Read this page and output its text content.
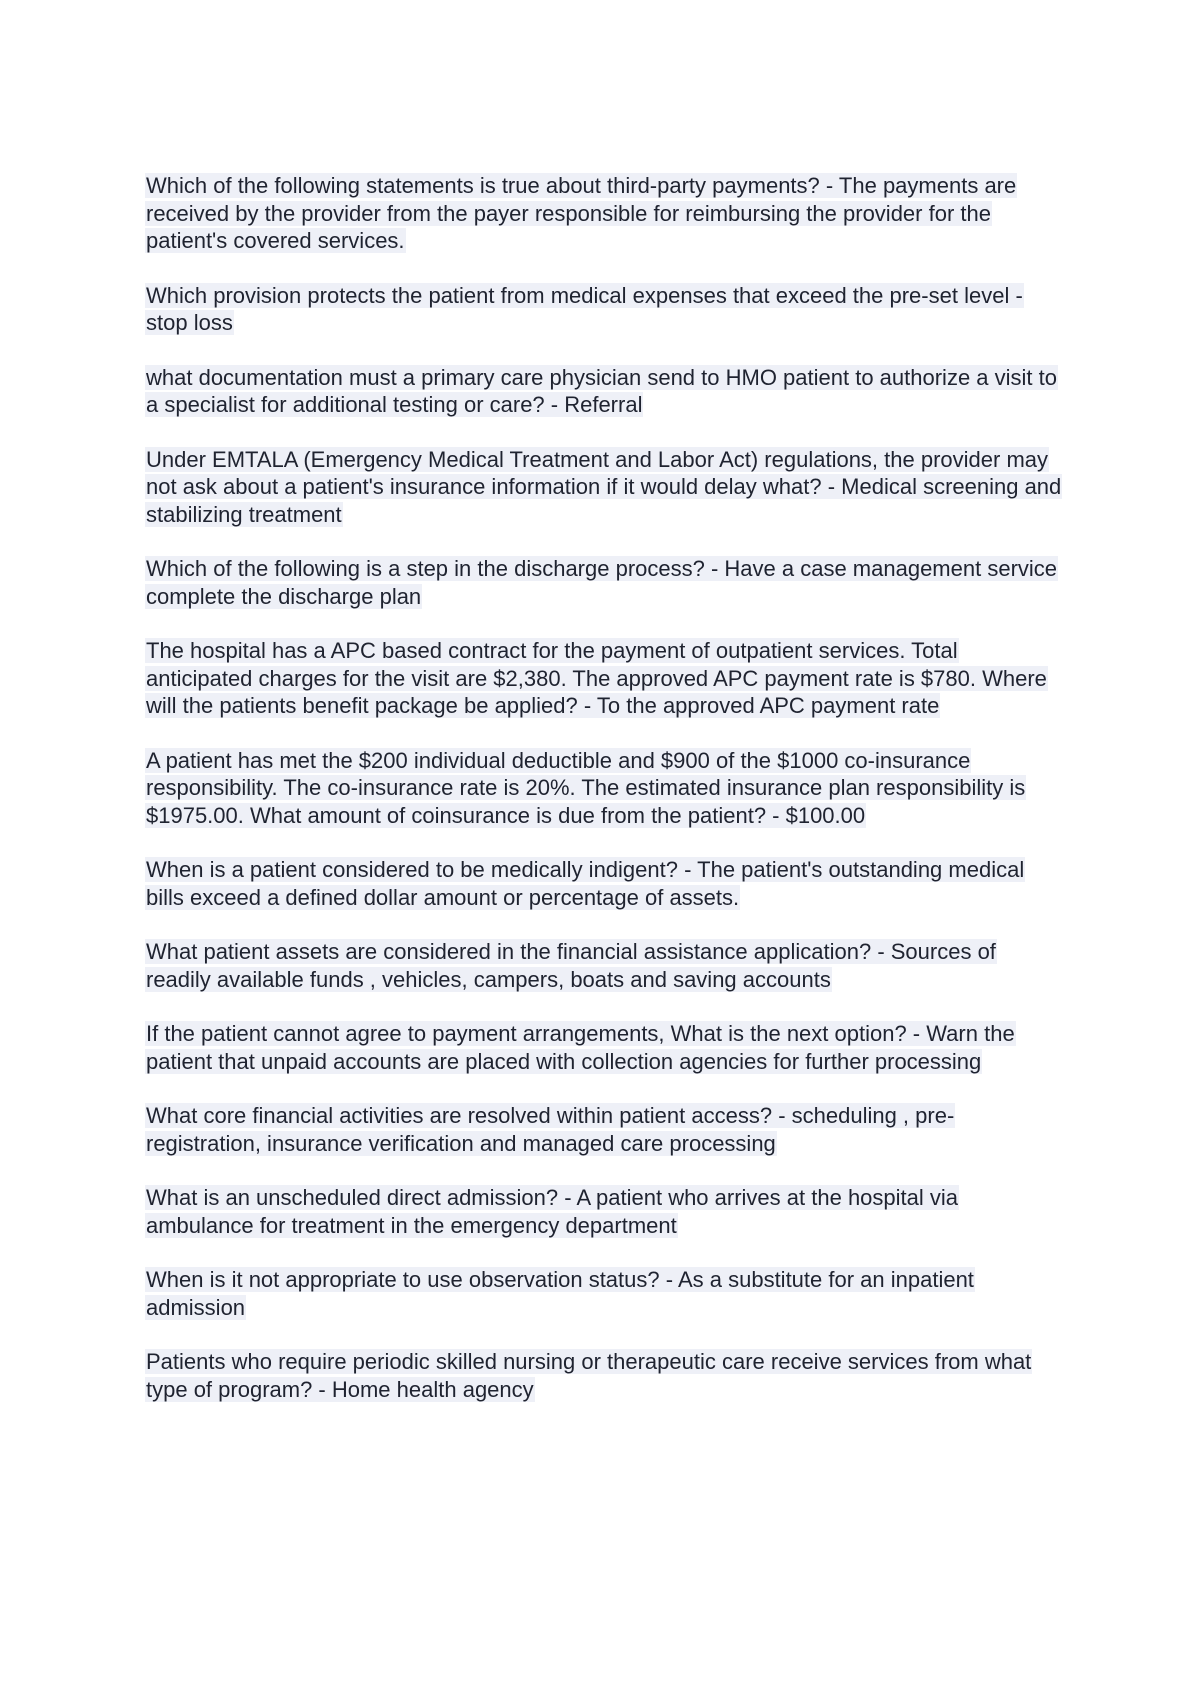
Which of the following statements is true about third-party payments? - The payments are received by the provider from the payer responsible for reimbursing the provider for the patient's covered services.

Which provision protects the patient from medical expenses that exceed the pre-set level - stop loss

what documentation must a primary care physician send to HMO patient to authorize a visit to a specialist for additional testing or care? - Referral

Under EMTALA (Emergency Medical Treatment and Labor Act) regulations, the provider may not ask about a patient's insurance information if it would delay what? - Medical screening and stabilizing treatment

Which of the following is a step in the discharge process? - Have a case management service complete the discharge plan

The hospital has a APC based contract for the payment of outpatient services. Total anticipated charges for the visit are $2,380. The approved APC payment rate is $780. Where will the patients benefit package be applied? - To the approved APC payment rate

A patient has met the $200 individual deductible and $900 of the $1000 co-insurance responsibility. The co-insurance rate is 20%. The estimated insurance plan responsibility is $1975.00. What amount of coinsurance is due from the patient? - $100.00

When is a patient considered to be medically indigent? - The patient's outstanding medical bills exceed a defined dollar amount or percentage of assets.

What patient assets are considered in the financial assistance application? - Sources of readily available funds , vehicles, campers, boats and saving accounts

If the patient cannot agree to payment arrangements, What is the next option? - Warn the patient that unpaid accounts are placed with collection agencies for further processing

What core financial activities are resolved within patient access? - scheduling , pre-registration, insurance verification and managed care processing

What is an unscheduled direct admission? - A patient who arrives at the hospital via ambulance for treatment in the emergency department

When is it not appropriate to use observation status? - As a substitute for an inpatient admission

Patients who require periodic skilled nursing or therapeutic care receive services from what type of program? - Home health agency
